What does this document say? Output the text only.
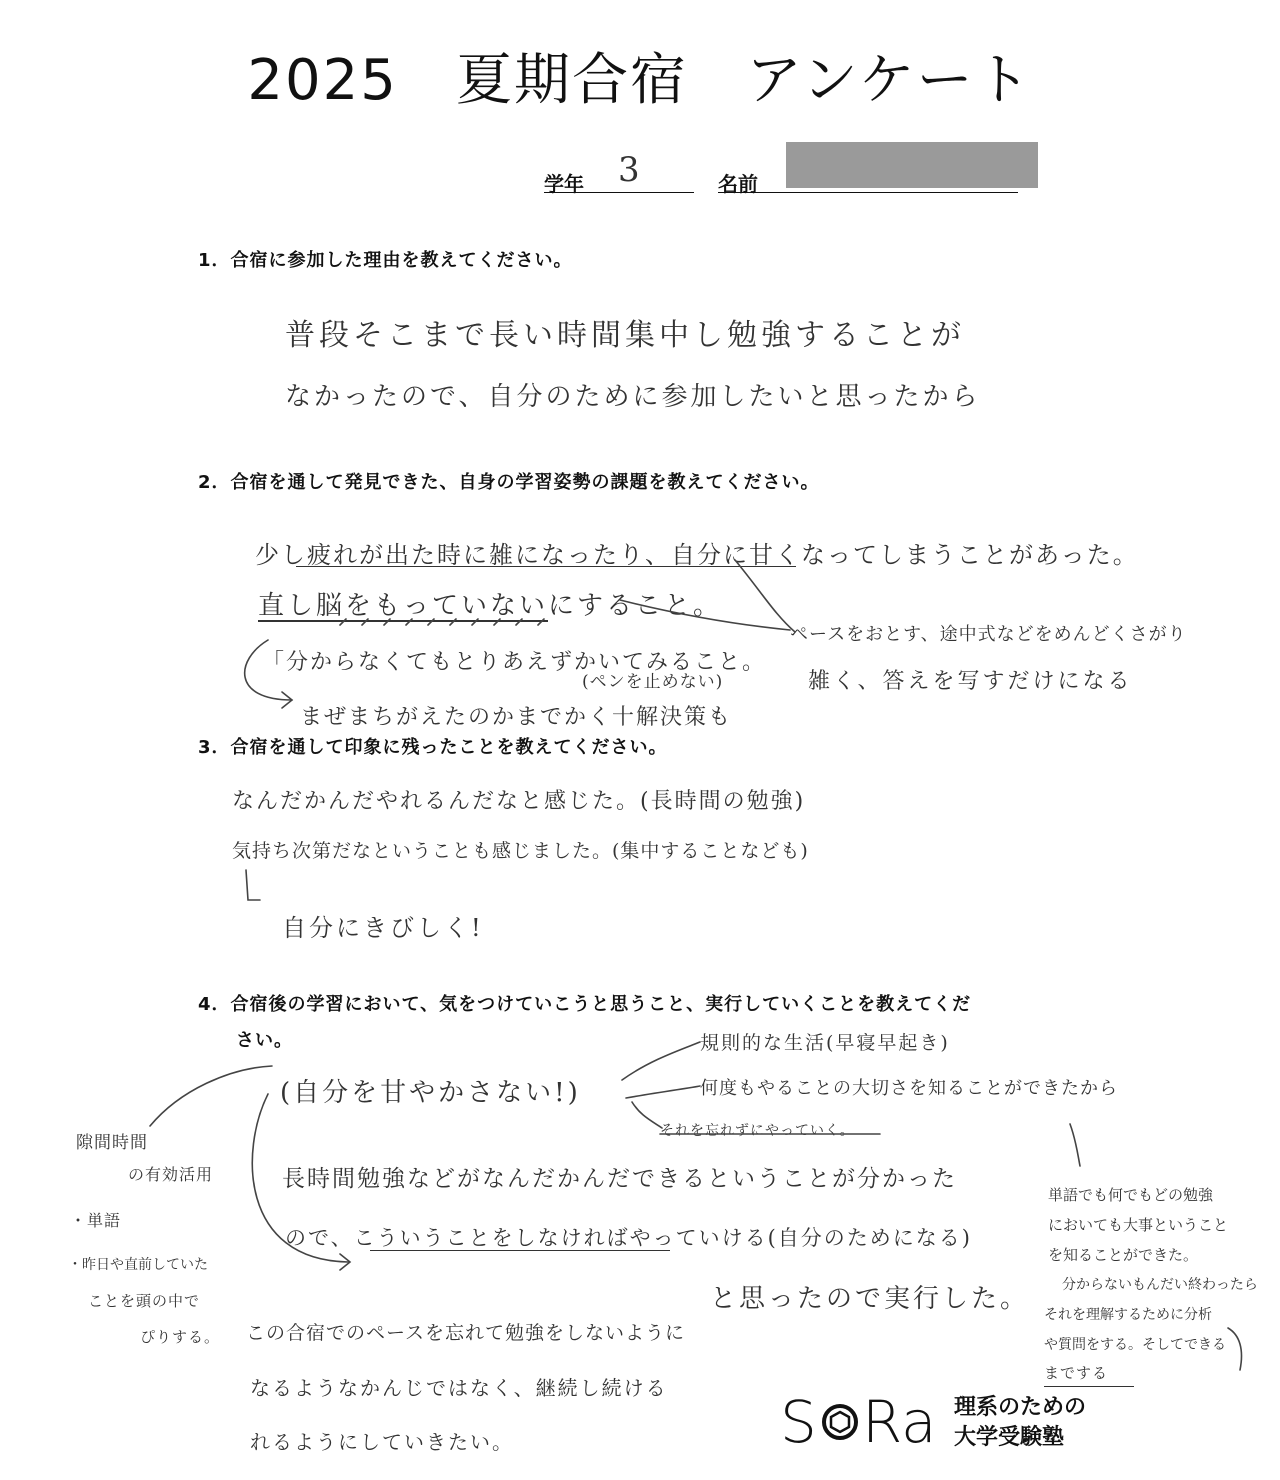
2025　夏期合宿　アンケート
学年 3	名前
1．合宿に参加した理由を教えてください。
普段そこまで長い時間集中し勉強することが
なかったので、自分のために参加したいと思ったから
2．合宿を通して発見できた、自身の学習姿勢の課題を教えてください。
少し疲れが出た時に雑になったり、自分に甘くなってしまうことがあった。
直し脳をもっていないにすること。
「分からなくてもとりあえずかいてみること。
(ペンを止めない)
まぜまちがえたのかまでかく十解決策も
ペースをおとす、途中式などをめんどくさがり
雑く、答えを写すだけになる
3．合宿を通して印象に残ったことを教えてください。
なんだかんだやれるんだなと感じた。(長時間の勉強)
気持ち次第だなということも感じました。(集中することなども)
自分にきびしく!
4．合宿後の学習において、気をつけていこうと思うこと、実行していくことを教えてくだ
さい。
(自分を甘やかさない!)
規則的な生活(早寝早起き)
何度もやることの大切さを知ることができたから
それを忘れずにやっていく。
長時間勉強などがなんだかんだできるということが分かった
ので、こういうことをしなければやっていける(自分のためになる)
と思ったので実行した。
隙間時間
の有効活用
・単語
・昨日や直前していた
ことを頭の中で
ぴりする。 この合宿でのペースを忘れて勉強をしないように
なるようなかんじではなく、継続し続ける
れるようにしていきたい。
単語でも何でもどの勉強
においても大事ということ
を知ることができた。
分からないもんだい終わったら
それを理解するために分析
や質問をする。そしてできる
までする
S Ra 理系のための
大学受験塾
